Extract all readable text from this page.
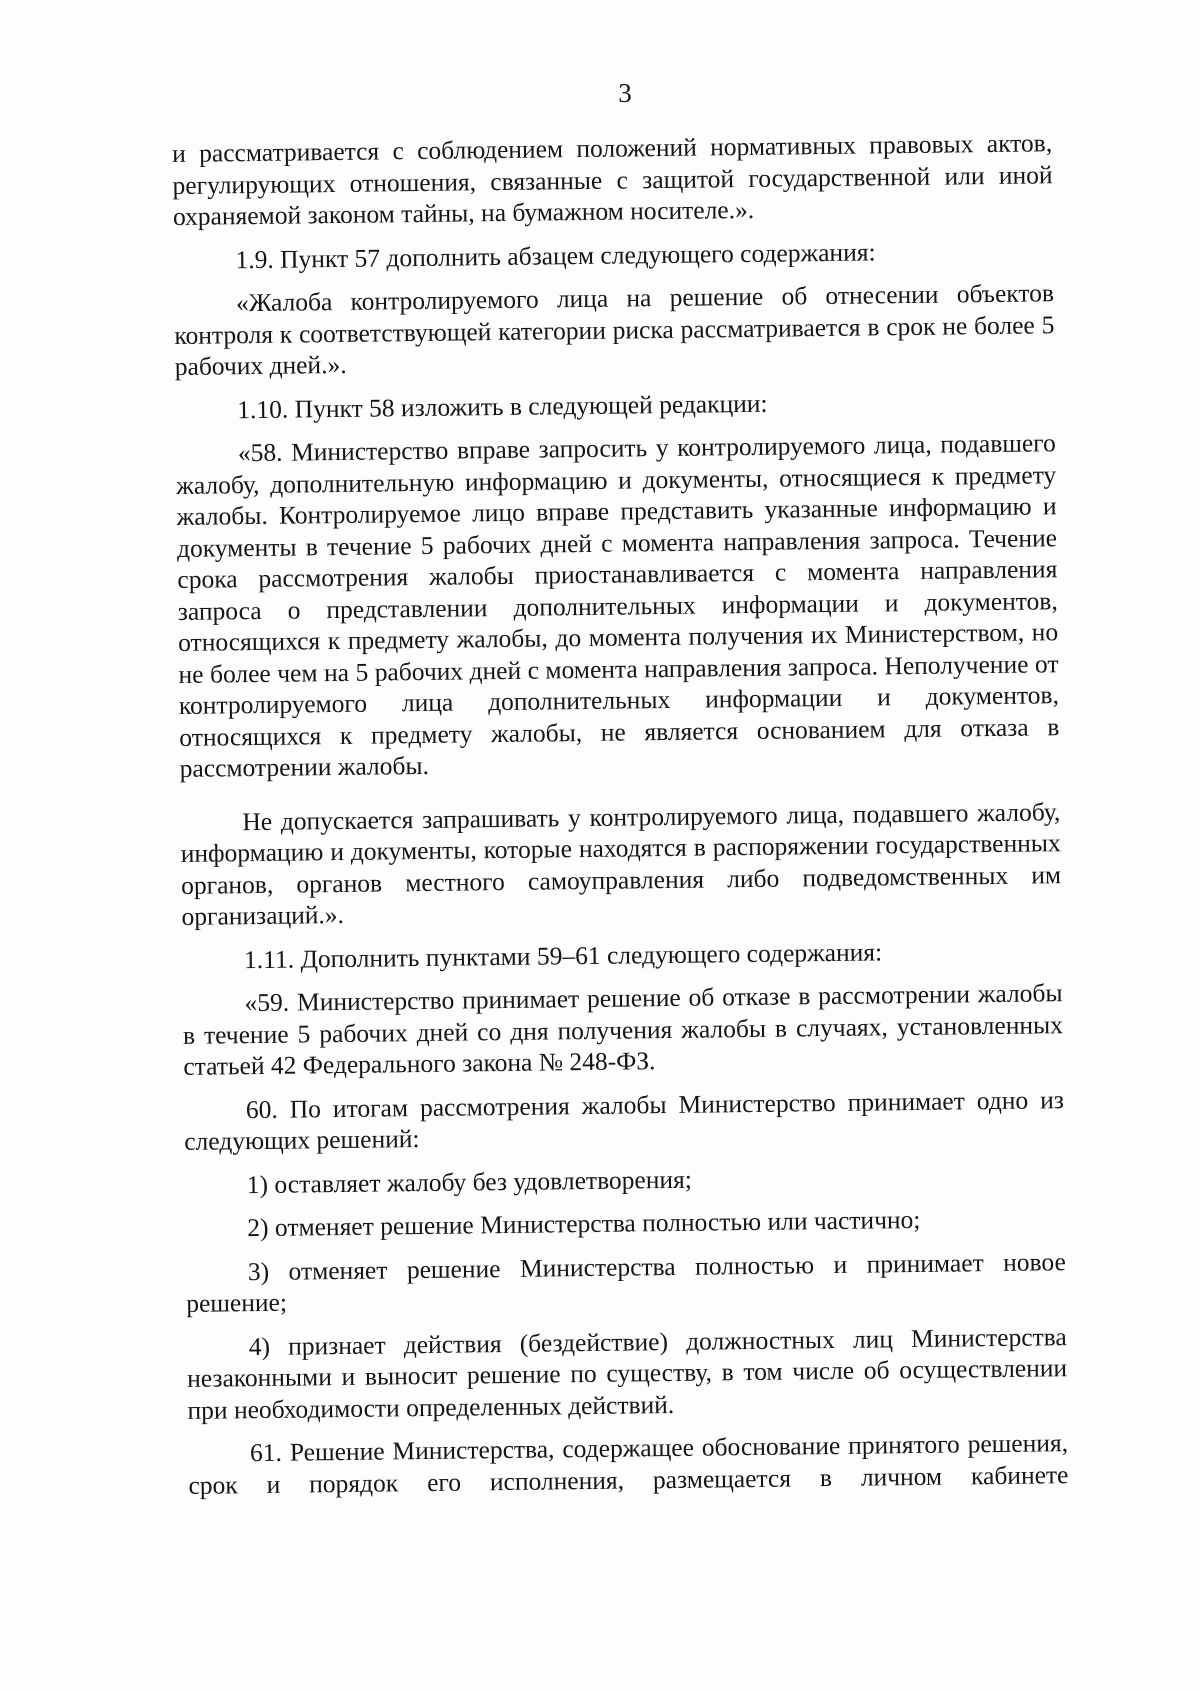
3

и рассматривается с соблюдением положений нормативных правовых актов, регулирующих отношения, связанные с защитой государственной или иной охраняемой законом тайны, на бумажном носителе.».

1.9. Пункт 57 дополнить абзацем следующего содержания:

«Жалоба контролируемого лица на решение об отнесении объектов контроля к соответствующей категории риска рассматривается в срок не более 5 рабочих дней.».

1.10. Пункт 58 изложить в следующей редакции:

«58. Министерство вправе запросить у контролируемого лица, подавшего жалобу, дополнительную информацию и документы, относящиеся к предмету жалобы. Контролируемое лицо вправе представить указанные информацию и документы в течение 5 рабочих дней с момента направления запроса. Течение срока рассмотрения жалобы приостанавливается с момента направления запроса о представлении дополнительных информации и документов, относящихся к предмету жалобы, до момента получения их Министерством, но не более чем на 5 рабочих дней с момента направления запроса. Неполучение от контролируемого лица дополнительных информации и документов, относящихся к предмету жалобы, не является основанием для отказа в рассмотрении жалобы.

Не допускается запрашивать у контролируемого лица, подавшего жалобу, информацию и документы, которые находятся в распоряжении государственных органов, органов местного самоуправления либо подведомственных им организаций.».

1.11. Дополнить пунктами 59–61 следующего содержания:

«59. Министерство принимает решение об отказе в рассмотрении жалобы в течение 5 рабочих дней со дня получения жалобы в случаях, установленных статьей 42 Федерального закона № 248-ФЗ.

60. По итогам рассмотрения жалобы Министерство принимает одно из следующих решений:

1) оставляет жалобу без удовлетворения;

2) отменяет решение Министерства полностью или частично;

3) отменяет решение Министерства полностью и принимает новое решение;

4) признает действия (бездействие) должностных лиц Министерства незаконными и выносит решение по существу, в том числе об осуществлении при необходимости определенных действий.

61. Решение Министерства, содержащее обоснование принятого решения, срок и порядок его исполнения, размещается в личном кабинете
